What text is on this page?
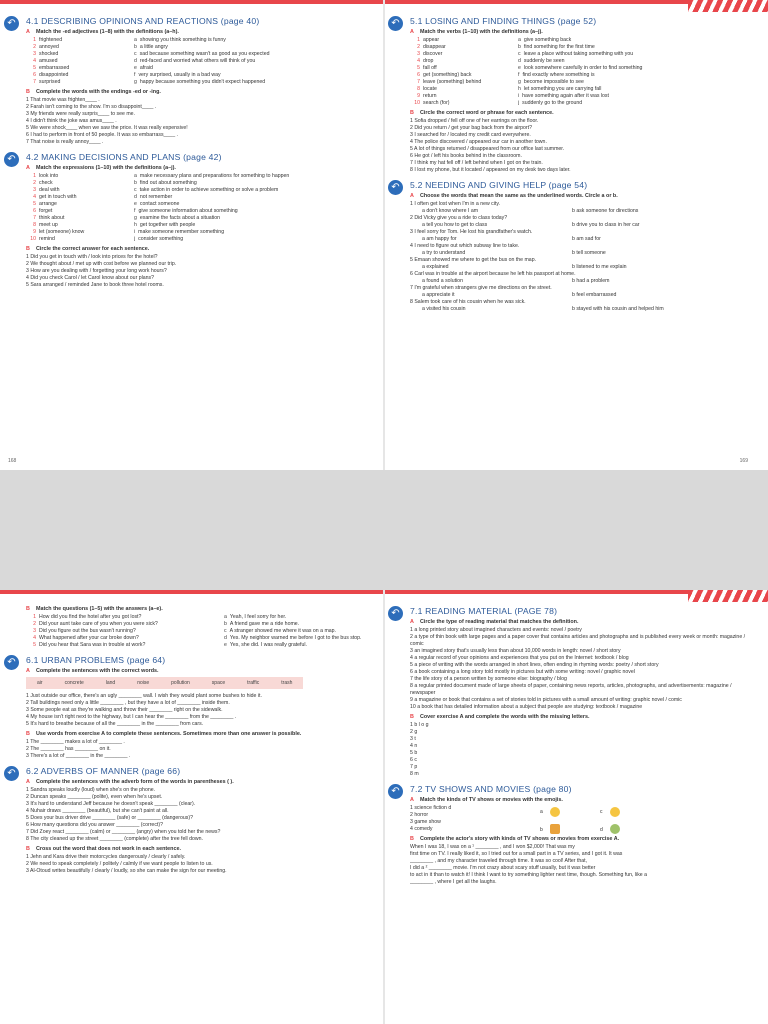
↶	4.1 DESCRIBING OPINIONS AND REACTIONS (page 40)
A Match the -ed adjectives (1–8) with the definitions (a–h).
1 frightened	a showing you think something is funny
2 annoyed	b a little angry
3 shocked	c sad because something wasn't as good as you expected
4 amused	d red-faced and worried what others will think of you
5 embarrassed	e afraid
6 disappointed	f very surprised, usually in a bad way
7 surprised	g happy because something you didn't expect happened
B Complete the words with the endings -ed or -ing.
1 That movie was frighten____ .
2 Farah isn't coming to the show. I'm so disappoint____ .
3 My friends were really surpris____ to see me.
4 I didn't think the joke was amus____ .
5 We were shock____ when we saw the price. It was really expensive!
6 I had to perform in front of 50 people. It was so embarrass____ .
7 That noise is really annoy____ .
↶	4.2 MAKING DECISIONS AND PLANS (page 42)
A Match the expressions (1–10) with the definitions (a–j).
1 look into	a make necessary plans and preparations for something to happen
2 check	b find out about something
3 deal with	c take action in order to achieve something or solve a problem
4 get in touch with	d not remember
5 arrange	e contact someone
6 forget	f give someone information about something
7 think about	g examine the facts about a situation
8 meet up	h get together with people
9 let (someone) know	i make someone remember something
10 remind	j consider something
B Circle the correct answer for each sentence.
1 Did you get in touch with / look into prices for the hotel?
2 We thought about / met up with cost before we planned our trip.
3 How are you dealing with / forgetting your long work hours?
4 Did you check Carol / let Carol know about our plans?
5 Sara arranged / reminded Jane to book three hotel rooms.
168
↶	5.1 LOSING AND FINDING THINGS (page 52)
A Match the verbs (1–10) with the definitions (a–j).
1 appear	a give something back
2 disappear	b find something for the first time
3 discover	c leave a place without taking something with you
4 drop	d suddenly be seen
5 fall off	e look somewhere carefully in order to find something
6 get (something) back	f find exactly where something is
7 leave (something) behind	g become impossible to see
8 locate	h let something you are carrying fall
9 return	i have something again after it was lost
10 search (for)	j suddenly go to the ground
B Circle the correct word or phrase for each sentence.
1 Sofia dropped / fell off one of her earrings on the floor.
2 Did you return / get your bag back from the airport?
3 I searched for / located my credit card everywhere.
4 The police discovered / appeared our car in another town.
5 A lot of things returned / disappeared from our office last summer.
6 He got / left his books behind in the classroom.
7 I think my hat fell off / left behind when I got on the train.
8 I lost my phone, but it located / appeared on my desk two days later.
↶	5.2 NEEDING AND GIVING HELP (page 54)
A Choose the words that mean the same as the underlined words. Circle a or b.
1 I often get lost when I'm in a new city.
a don't know where I am	b ask someone for directions
2 Did Vicky give you a ride to class today?
a tell you how to get to class	b drive you to class in her car
3 I feel sorry for Tom. He lost his grandfather's watch.
a am happy for	b am sad for
4 I need to figure out which subway line to take.
a try to understand	b tell someone
5 Emaan showed me where to get the bus on the map.
a explained	b listened to me explain
6 Carl was in trouble at the airport because he left his passport at home.
a found a solution	b had a problem
7 I'm grateful when strangers give me directions on the street.
a appreciate it	b feel embarrassed
8 Salem took care of his cousin when he was sick.
a visited his cousin	b stayed with his cousin and helped him
169
B Match the questions (1–5) with the answers (a–e).
1 How did you find the hotel after you got lost?	a Yeah, I feel sorry for her.
2 Did your aunt take care of you when you were sick?	b A friend gave me a ride home.
3 Did you figure out the bus wasn't running?	c A stranger showed me where it was on a map.
4 What happened after your car broke down?	d Yes. My neighbor warned me before I got to the bus stop.
5 Did you hear that Sara was in trouble at work?	e Yes, she did. I was really grateful.
↶	6.1 URBAN PROBLEMS (page 64)
A Complete the sentences with the correct words.
air	concrete	land	noise	pollution	space	traffic	trash
1 Just outside our office, there's an ugly ________ wall. I wish they would plant some bushes to hide it.
2 Tall buildings need only a little ________ , but they have a lot of ________ inside them.
3 Some people eat as they're walking and throw their ________ right on the sidewalk.
4 My house isn't right next to the highway, but I can hear the ________ from the ________ .
5 It's hard to breathe because of all the ________ in the ________ from cars.
B Use words from exercise A to complete these sentences. Sometimes more than one answer is possible.
1 The ________ makes a lot of ________ .
2 The ________ has ________ on it.
3 There's a lot of ________ in the ________ .
↶	6.2 ADVERBS OF MANNER (page 66)
A Complete the sentences with the adverb form of the words in parentheses ( ).
1 Sandra speaks loudly (loud) when she's on the phone.
2 Duncan speaks ________ (polite), even when he's upset.
3 It's hard to understand Jeff because he doesn't speak ________ (clear).
4 Nuhair draws ________ (beautiful), but she can't paint at all.
5 Does your bus driver drive ________ (safe) or ________ (dangerous)?
6 How many questions did you answer ________ (correct)?
7 Did Zoey react ________ (calm) or ________ (angry) when you told her the news?
8 The city cleaned up the street ________ (complete) after the tree fell down.
B Cross out the word that does not work in each sentence.
1 Jehn and Kara drive their motorcycles dangerously / clearly / safely.
2 We need to speak completely / politely / calmly if we want people to listen to us.
3 Al-Otoud writes beautifully / clearly / loudly, so she can make the sign for our meeting.
↶	7.1 READING MATERIAL (PAGE 78)
A Circle the type of reading material that matches the definition.
1 a long printed story about imagined characters and events: novel / poetry
2 a type of thin book with large pages and a paper cover that contains articles and photographs and is published every week or month: magazine / comic
3 an imagined story that's usually less than about 10,000 words in length: novel / short story
4 a regular record of your opinions and experiences that you put on the Internet: textbook / blog
5 a piece of writing with the words arranged in short lines, often ending in rhyming words: poetry / short story
6 a book containing a long story told mostly in pictures but with some writing: novel / graphic novel
7 the life story of a person written by someone else: biography / blog
8 a regular printed document made of large sheets of paper, containing news reports, articles, photographs, and advertisements: magazine / newspaper
9 a magazine or book that contains a set of stories told in pictures with a small amount of writing: graphic novel / comic
10 a book that has detailed information about a subject that people are studying: textbook / magazine
B Cover exercise A and complete the words with the missing letters.
1 b l o g
2 g
3 t
4 n
5 b
6 c
7 p
8 m
↶	7.2 TV SHOWS AND MOVIES (page 80)
A Match the kinds of TV shows or movies with the emojis.
1 science fiction d
2 horror
3 game show
4 comedy
a	c
b	d
B Complete the actor's story with kinds of TV shows or movies from exercise A.
When I was 18, I was on a ¹ ________ , and I won $2,000! That was my
first time on TV. I really liked it, so I tried out for a small part in a TV series, and I got it. It was
________ , and my character traveled through time. It was so cool! After that,
I did a ² ________ movie. I'm not crazy about scary stuff usually, but it was better
to act in it than to watch it! I think I want to try something lighter next time, though. Something fun, like a
________ , where I get all the laughs.
